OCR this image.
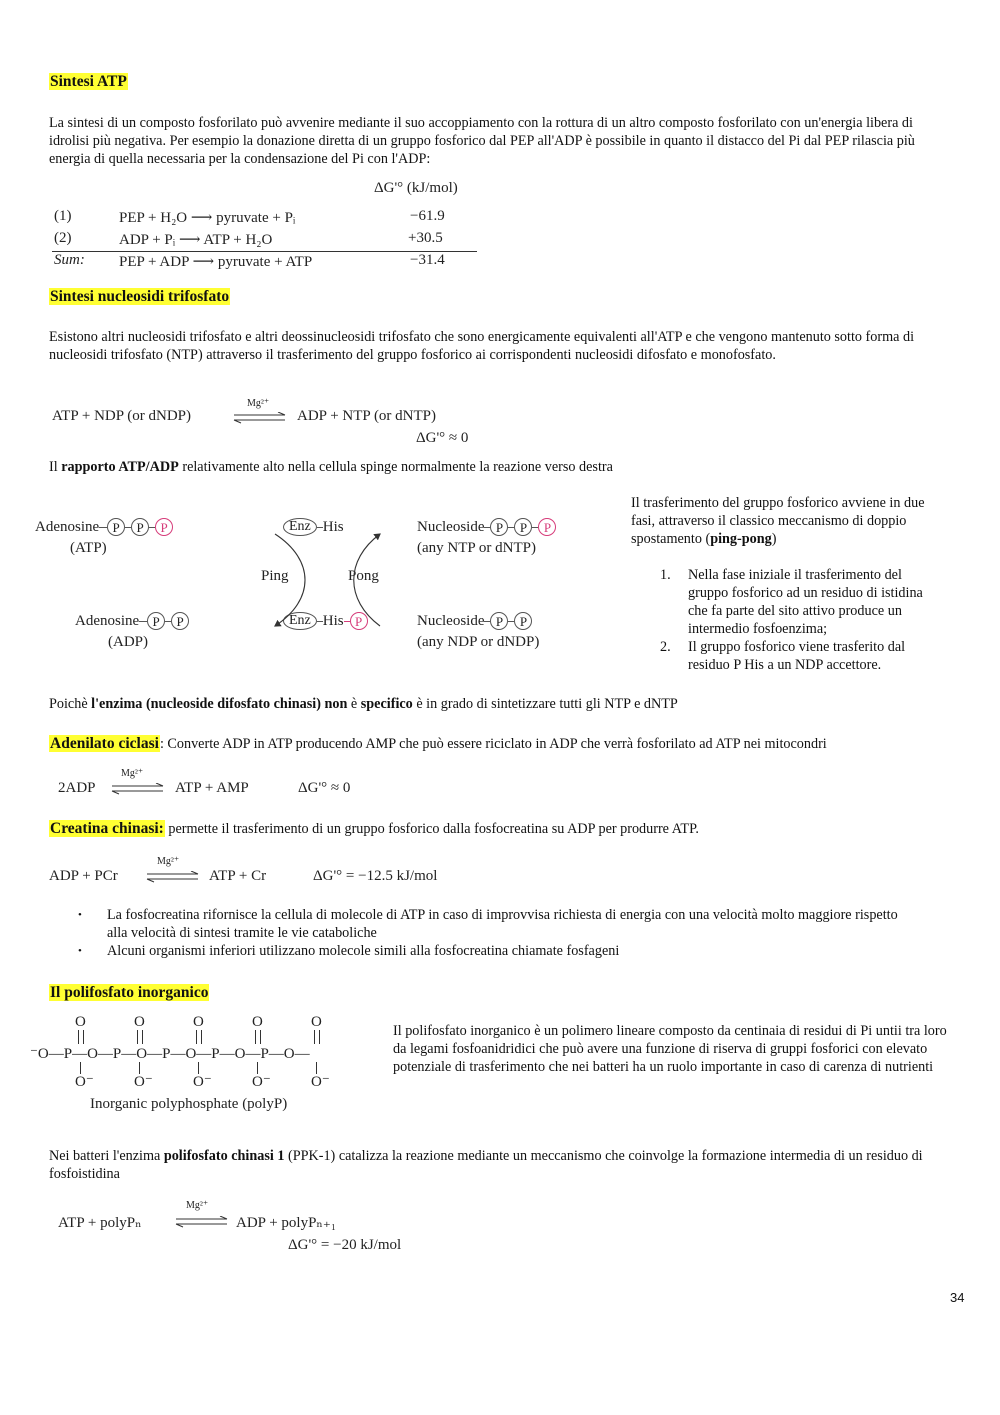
Sintesi ATP
La sintesi di un composto fosforilato può avvenire mediante il suo accoppiamento con la rottura di un altro composto fosforilato con un'energia libera di idrolisi più negativa. Per esempio la donazione diretta di un gruppo fosforico dal PEP all'ADP è possibile in quanto il distacco del Pi dal PEP rilascia più energia di quella necessaria per la condensazione del Pi con l'ADP:
ΔG'° (kJ/mol)
(1)	PEP + H₂O ⟶ pyruvate + Pᵢ	−61.9
(2)	ADP + Pᵢ ⟶ ATP + H₂O	+30.5
Sum: PEP + ADP ⟶ pyruvate + ATP	−31.4
Sintesi nucleosidi trifosfato
Esistono altri nucleosidi trifosfato e altri deossinucleosidi trifosfato che sono energicamente equivalenti all'ATP e che vengono mantenuto sotto forma di nucleosidi trifosfato (NTP) attraverso il trasferimento del gruppo fosforico ai corrispondenti nucleosidi difosfato e monofosfato.
ATP + NDP (or dNDP)
Mg²⁺
⇌ ADP + NTP (or dNTP)
ΔG'° ≈ 0
Il rapporto ATP/ADP relativamente alto nella cellula spinge normalmente la reazione verso destra
Adenosine	P	P	P
(ATP)
Adenosine	P	P
(ADP)
Enz His
Enz His P
Ping	Pong
Nucleoside P	P	P
(any NTP or dNTP)
Nucleoside P	P
(any NDP or dNDP)
Il trasferimento del gruppo fosforico avviene in due fasi, attraverso il classico meccanismo di doppio spostamento (ping-pong)
1.	Nella fase iniziale il trasferimento del gruppo fosforico ad un residuo di istidina che fa parte del sito attivo produce un intermedio fosfoenzima;
2.	Il gruppo fosforico viene trasferito dal residuo P His a un NDP accettore.
Poichè l'enzima (nucleoside difosfato chinasi) non è specifico è in grado di sintetizzare tutti gli NTP e dNTP
Adenilato ciclasi: Converte ADP in ATP producendo AMP che può essere riciclato in ADP che verrà fosforilato ad ATP nei mitocondri
2ADP
Mg²⁺
⇌ ATP + AMP	ΔG'° ≈ 0
Creatina chinasi: permette il trasferimento di un gruppo fosforico dalla fosfocreatina su ADP per produrre ATP.
ADP + PCr
Mg²⁺
⇌ ATP + Cr	ΔG'° = −12.5 kJ/mol
•	La fosfocreatina rifornisce la cellula di molecole di ATP in caso di improvvisa richiesta di energia con una velocità molto maggiore rispetto alla velocità di sintesi tramite le vie cataboliche
•	Alcuni organismi inferiori utilizzano molecole simili alla fosfocreatina chiamate fosfageni
Il polifosfato inorganico
Inorganic polyphosphate (polyP)
⁻O—P—O—P—O—P—O—P—O—P—O—
O
O⁻
O
O⁻
O
O⁻
O
O⁻
O
O⁻
Il polifosfato inorganico è un polimero lineare composto da centinaia di residui di Pi untii tra loro da legami fosfoanidridici che può avere una funzione di riserva di gruppi fosforici con elevato potenziale di trasferimento che nei batteri ha un ruolo importante in caso di carenza di nutrienti
Nei batteri l'enzima polifosfato chinasi 1 (PPK-1) catalizza la reazione mediante un meccanismo che coinvolge la formazione intermedia di un residuo di fosfoistidina
ATP + polyPₙ
Mg²⁺
⇌ ADP + polyPₙ₊₁
ΔG'° = −20 kJ/mol
34
